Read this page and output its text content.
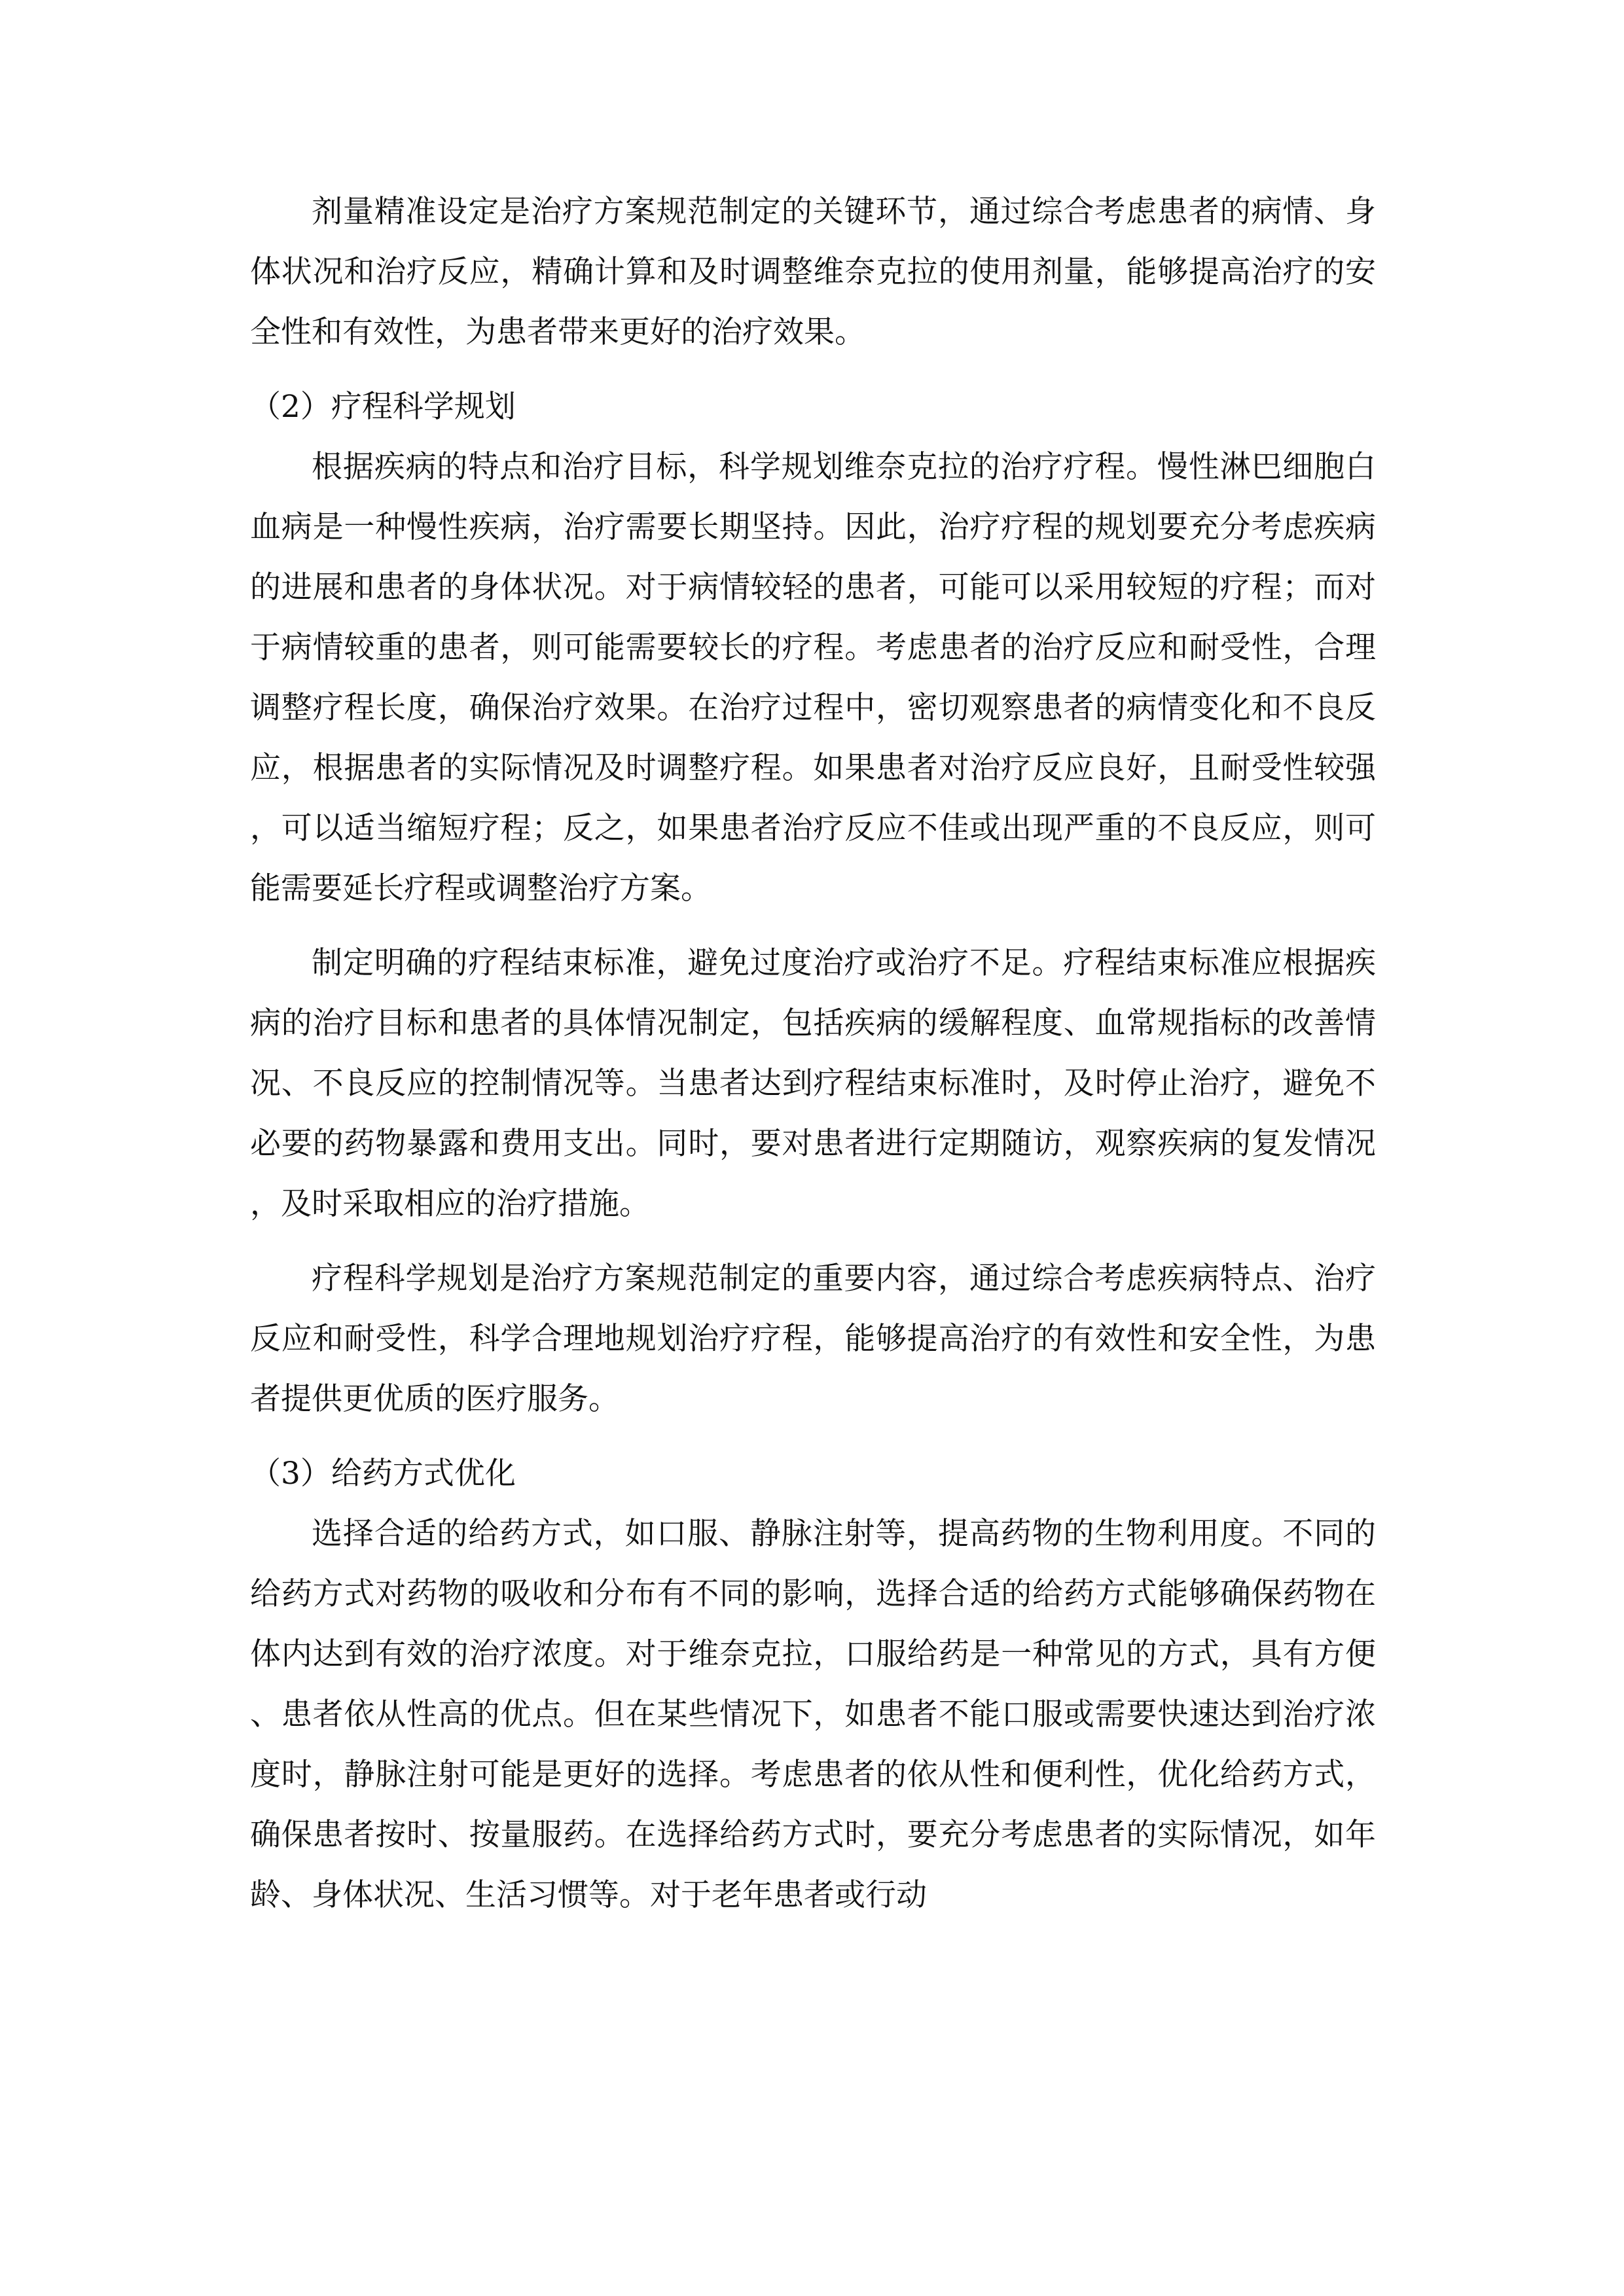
剂量精准设定是治疗方案规范制定的关键环节，通过综合考虑患者的病情、身体状况和治疗反应，精确计算和及时调整维奈克拉的使用剂量，能够提高治疗的安全性和有效性，为患者带来更好的治疗效果。

（2）疗程科学规划

根据疾病的特点和治疗目标，科学规划维奈克拉的治疗疗程。慢性淋巴细胞白血病是一种慢性疾病，治疗需要长期坚持。因此，治疗疗程的规划要充分考虑疾病的进展和患者的身体状况。对于病情较轻的患者，可能可以采用较短的疗程；而对于病情较重的患者，则可能需要较长的疗程。考虑患者的治疗反应和耐受性，合理调整疗程长度，确保治疗效果。在治疗过程中，密切观察患者的病情变化和不良反应，根据患者的实际情况及时调整疗程。如果患者对治疗反应良好，且耐受性较强，可以适当缩短疗程；反之，如果患者治疗反应不佳或出现严重的不良反应，则可能需要延长疗程或调整治疗方案。

制定明确的疗程结束标准，避免过度治疗或治疗不足。疗程结束标准应根据疾病的治疗目标和患者的具体情况制定，包括疾病的缓解程度、血常规指标的改善情况、不良反应的控制情况等。当患者达到疗程结束标准时，及时停止治疗，避免不必要的药物暴露和费用支出。同时，要对患者进行定期随访，观察疾病的复发情况，及时采取相应的治疗措施。

疗程科学规划是治疗方案规范制定的重要内容，通过综合考虑疾病特点、治疗反应和耐受性，科学合理地规划治疗疗程，能够提高治疗的有效性和安全性，为患者提供更优质的医疗服务。

（3）给药方式优化

选择合适的给药方式，如口服、静脉注射等，提高药物的生物利用度。不同的给药方式对药物的吸收和分布有不同的影响，选择合适的给药方式能够确保药物在体内达到有效的治疗浓度。对于维奈克拉，口服给药是一种常见的方式，具有方便、患者依从性高的优点。但在某些情况下，如患者不能口服或需要快速达到治疗浓度时，静脉注射可能是更好的选择。考虑患者的依从性和便利性，优化给药方式，确保患者按时、按量服药。在选择给药方式时，要充分考虑患者的实际情况，如年龄、身体状况、生活习惯等。对于老年患者或行动
